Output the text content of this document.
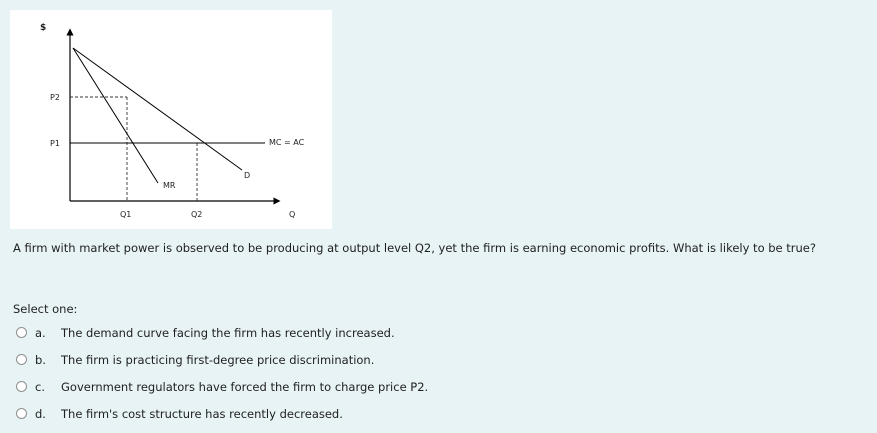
$
P2
P1	MC = AC
D
MR
Q1	Q2	Q
A firm with market power is observed to be producing at output level Q2, yet the firm is earning economic profits. What is likely to be true?
Select one:
a.	The demand curve facing the firm has recently increased.
b.	The firm is practicing first-degree price discrimination.
c.	Government regulators have forced the firm to charge price P2.
d.	The firm's cost structure has recently decreased.
